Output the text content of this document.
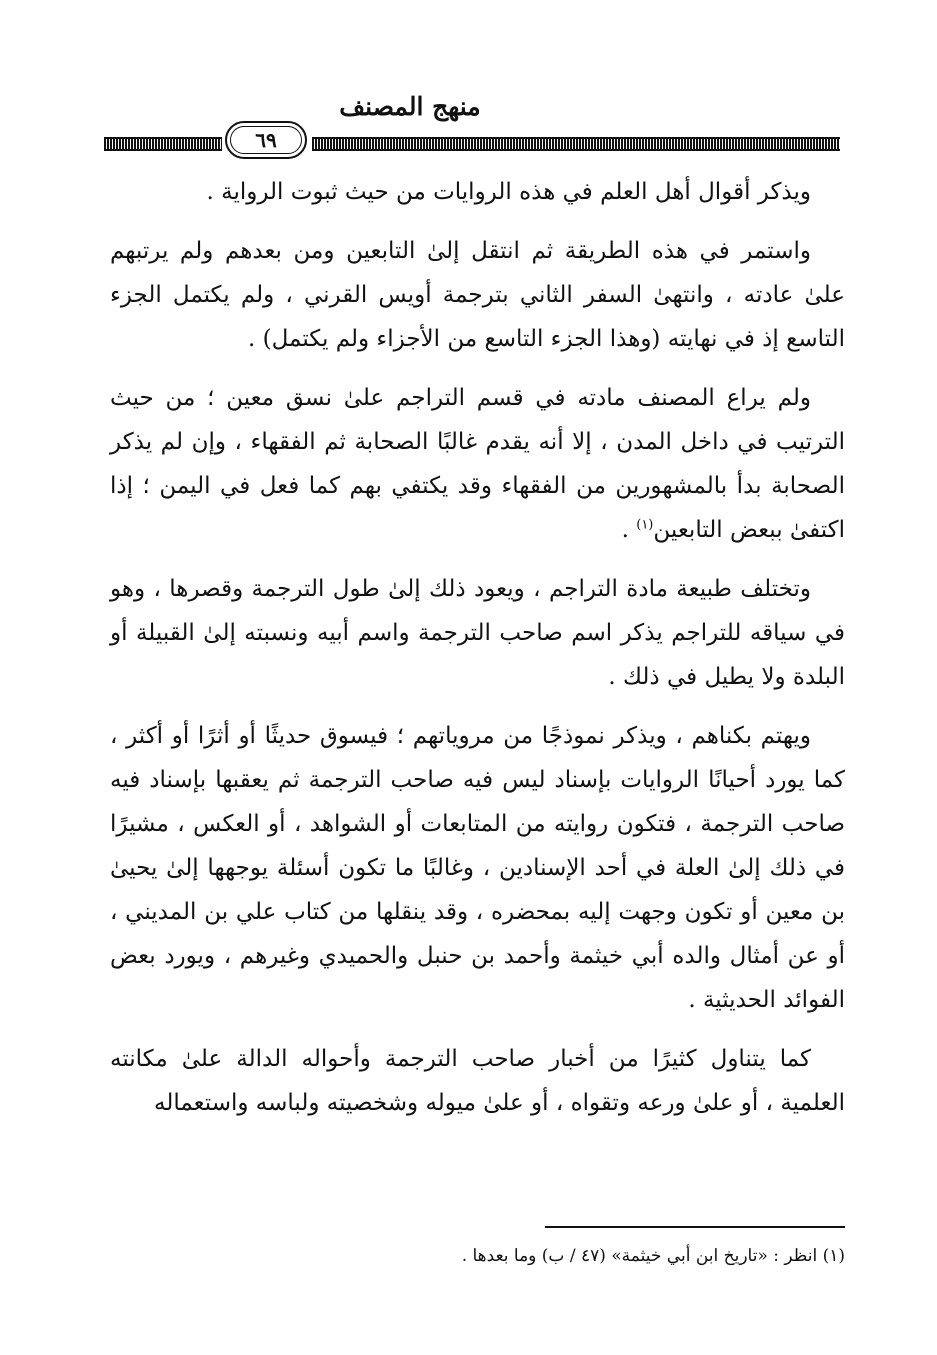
منهج المصنف
٦٩

ويذكر أقوال أهل العلم في هذه الروايات من حيث ثبوت الرواية .

واستمر في هذه الطريقة ثم انتقل إلىٰ التابعين ومن بعدهم ولم يرتبهم علىٰ عادته ، وانتهىٰ السفر الثاني بترجمة أويس القرني ، ولم يكتمل الجزء التاسع إذ في نهايته (وهذا الجزء التاسع من الأجزاء ولم يكتمل) .

ولم يراع المصنف مادته في قسم التراجم علىٰ نسق معين ؛ من حيث الترتيب في داخل المدن ، إلا أنه يقدم غالبًا الصحابة ثم الفقهاء ، وإن لم يذكر الصحابة بدأ بالمشهورين من الفقهاء وقد يكتفي بهم كما فعل في اليمن ؛ إذا اكتفىٰ ببعض التابعين$^{(١)}$ .

وتختلف طبيعة مادة التراجم ، ويعود ذلك إلىٰ طول الترجمة وقصرها ، وهو في سياقه للتراجم يذكر اسم صاحب الترجمة واسم أبيه ونسبته إلىٰ القبيلة أو البلدة ولا يطيل في ذلك .

ويهتم بكناهم ، ويذكر نموذجًا من مروياتهم ؛ فيسوق حديثًا أو أثرًا أو أكثر ، كما يورد أحيانًا الروايات بإسناد ليس فيه صاحب الترجمة ثم يعقبها بإسناد فيه صاحب الترجمة ، فتكون روايته من المتابعات أو الشواهد ، أو العكس ، مشيرًا في ذلك إلىٰ العلة في أحد الإسنادين ، وغالبًا ما تكون أسئلة يوجهها إلىٰ يحيىٰ بن معين أو تكون وجهت إليه بمحضره ، وقد ينقلها من كتاب علي بن المديني ، أو عن أمثال والده أبي خيثمة وأحمد بن حنبل والحميدي وغيرهم ، ويورد بعض الفوائد الحديثية .

كما يتناول كثيرًا من أخبار صاحب الترجمة وأحواله الدالة علىٰ مكانته العلمية ، أو علىٰ ورعه وتقواه ، أو علىٰ ميوله وشخصيته ولباسه واستعماله

(١) انظر : «تاريخ ابن أبي خيثمة» (٤٧ / ب) وما بعدها .
